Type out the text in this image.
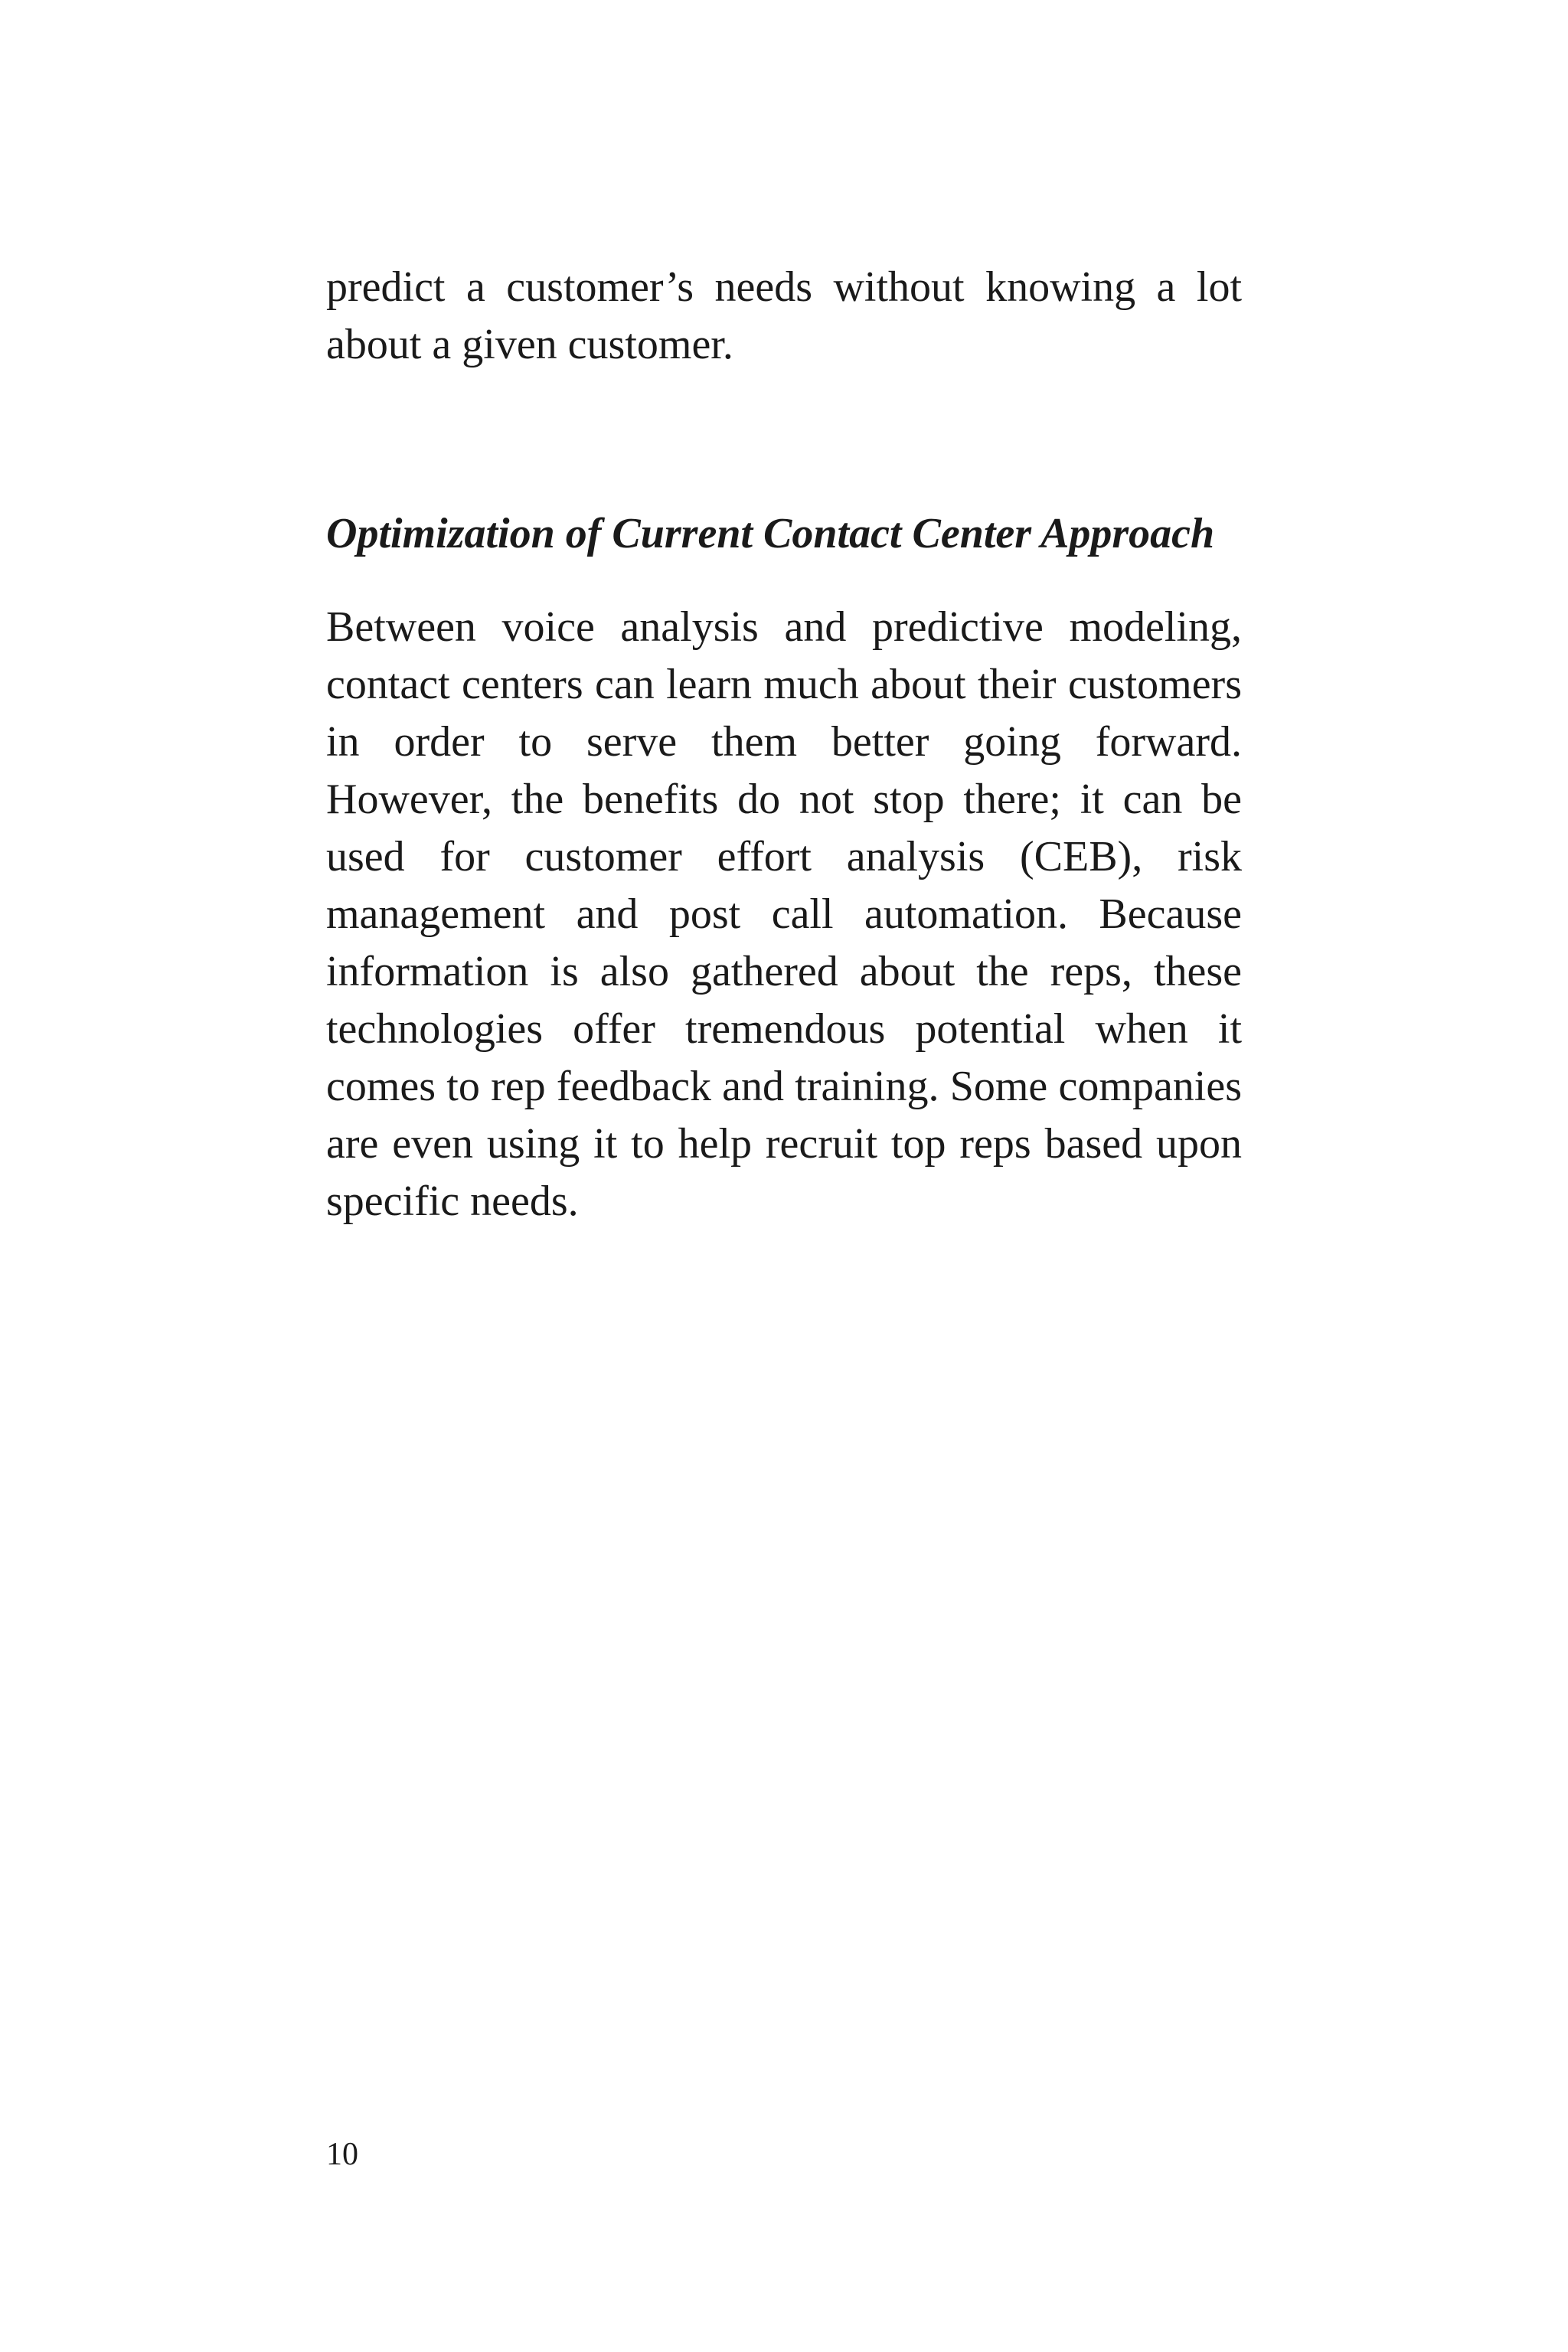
predict a customer’s needs without knowing a lot about a given customer.

Optimization of Current Contact Center Approach

Between voice analysis and predictive modeling, contact centers can learn much about their customers in order to serve them better going forward. However, the benefits do not stop there; it can be used for customer effort analysis (CEB), risk management and post call automation. Because information is also gathered about the reps, these technologies offer tremendous potential when it comes to rep feedback and training. Some companies are even using it to help recruit top reps based upon specific needs.

10
